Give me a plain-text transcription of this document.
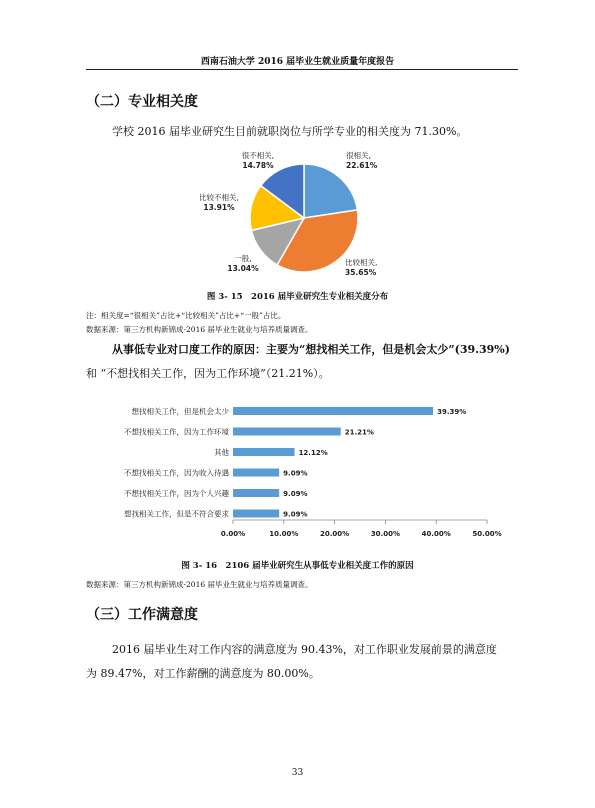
西南石油大学 2016 届毕业生就业质量年度报告
（二）专业相关度
学校 2016 届毕业研究生目前就职岗位与所学专业的相关度为 71.30%。
很相关,
22.61%
比较相关,
35.65%
一般,
13.04%
比较不相关,
13.91%
很不相关,
14.78%
图 3- 15　2016 届毕业研究生专业相关度分布
注：相关度=“很相关”占比+“比较相关”占比+“一般”占比。
数据来源：第三方机构新锦成-2016 届毕业生就业与培养质量调查。
从事低专业对口度工作的原因：主要为“想找相关工作，但是机会太少”(39.39%)
和 “不想找相关工作，因为工作环境”（21.21%）。
想找相关工作，但是机会太少
不想找相关工作，因为工作环境
其他
不想找相关工作，因为收入待遇
不想找相关工作，因为个人兴趣
想找相关工作，但是不符合要求
39.39%
21.21%
12.12%
9.09%
9.09%
9.09%
0.00%	10.00%	20.00%	30.00%	40.00%	50.00%
图 3- 16　2106 届毕业研究生从事低专业相关度工作的原因
数据来源：第三方机构新锦成-2016 届毕业生就业与培养质量调查。
（三）工作满意度
2016 届毕业生对工作内容的满意度为 90.43%，对工作职业发展前景的满意度
为 89.47%，对工作薪酬的满意度为 80.00%。
33
